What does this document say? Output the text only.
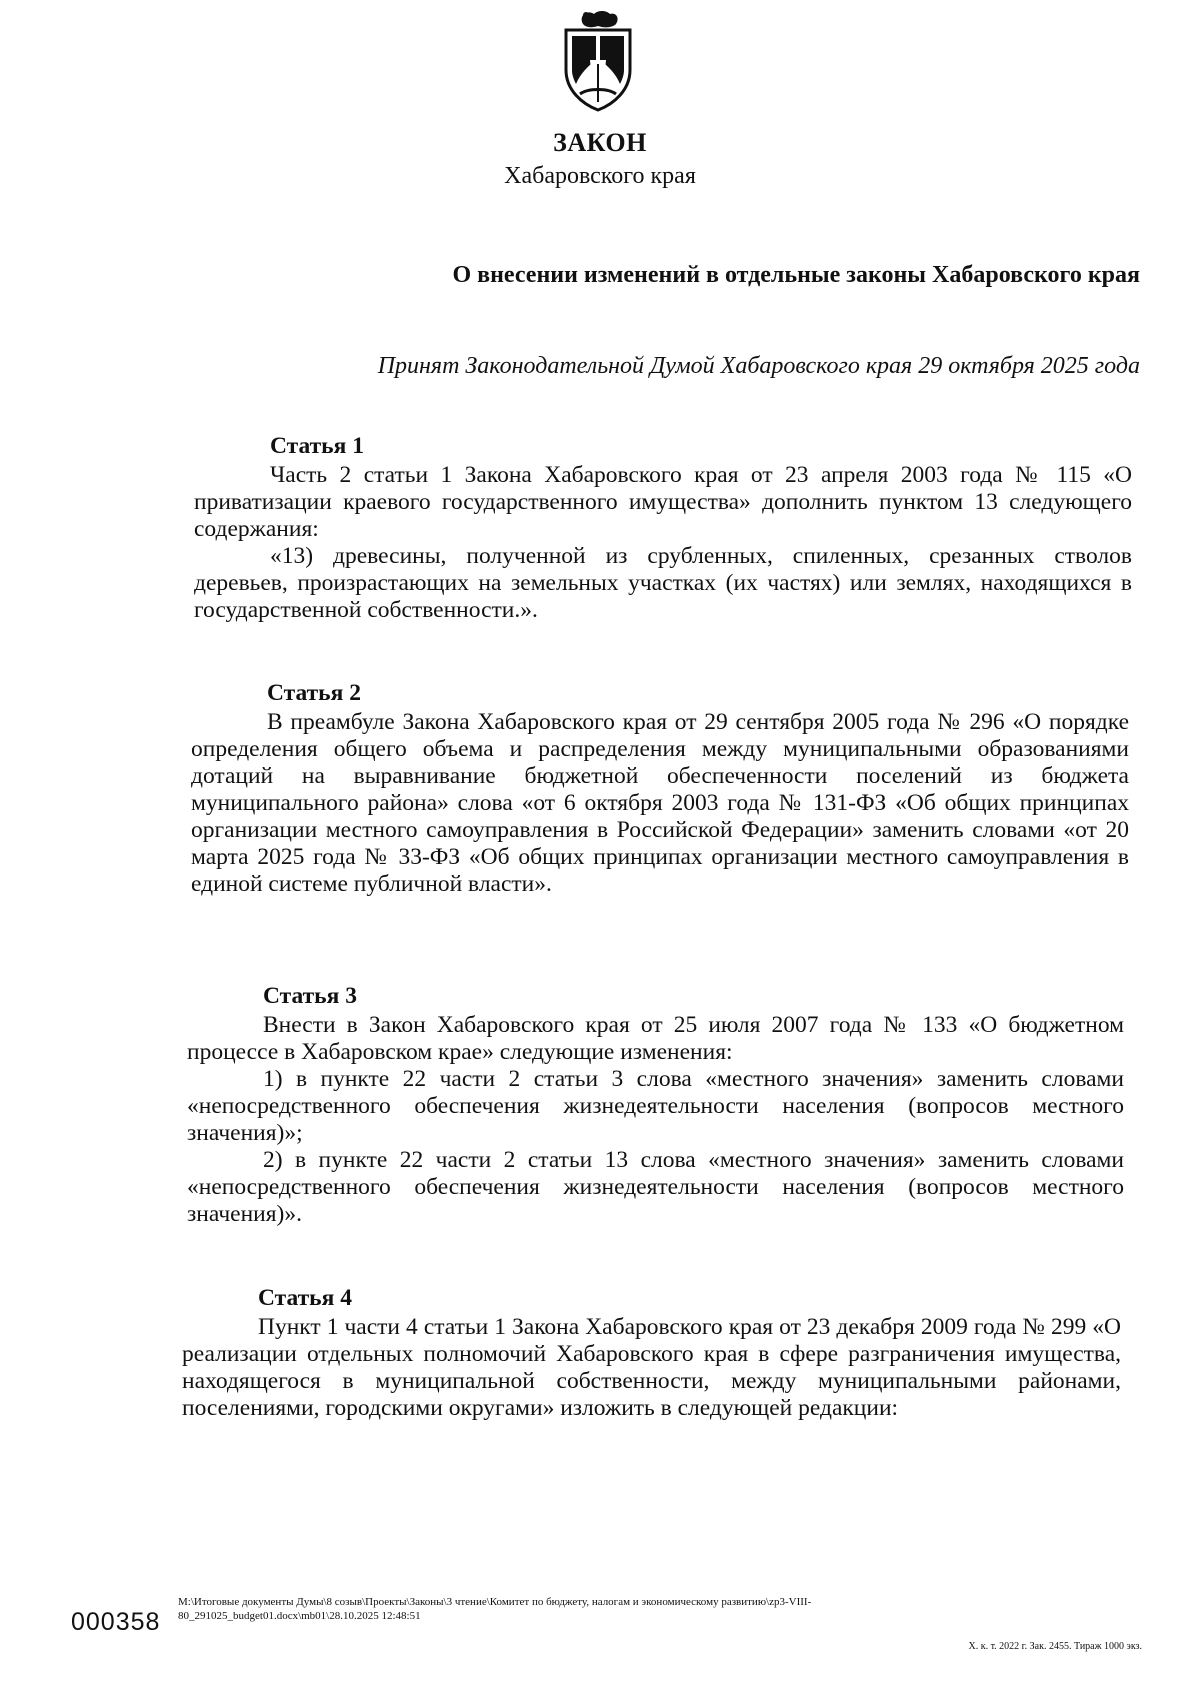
ЗАКОН
Хабаровского края
О внесении изменений в отдельные законы Хабаровского края
Принят Законодательной Думой Хабаровского края 29 октября 2025 года
Статья 1

Часть 2 статьи 1 Закона Хабаровского края от 23 апреля 2003 года № 115 «О приватизации краевого государственного имущества» дополнить пунктом 13 следующего содержания:

«13) древесины, полученной из срубленных, спиленных, срезанных стволов деревьев, произрастающих на земельных участках (их частях) или землях, находящихся в государственной собственности.».

Статья 2

В преамбуле Закона Хабаровского края от 29 сентября 2005 года № 296 «О порядке определения общего объема и распределения между муниципальными образованиями дотаций на выравнивание бюджетной обеспеченности поселений из бюджета муниципального района» слова «от 6 октября 2003 года № 131-ФЗ «Об общих принципах организации местного самоуправления в Российской Федерации» заменить словами «от 20 марта 2025 года № 33-ФЗ «Об общих принципах организации местного самоуправления в единой системе публичной власти».

Статья 3

Внести в Закон Хабаровского края от 25 июля 2007 года № 133 «О бюджетном процессе в Хабаровском крае» следующие изменения:

1) в пункте 22 части 2 статьи 3 слова «местного значения» заменить словами «непосредственного обеспечения жизнедеятельности населения (вопросов местного значения)»;

2) в пункте 22 части 2 статьи 13 слова «местного значения» заменить словами «непосредственного обеспечения жизнедеятельности населения (вопросов местного значения)».

Статья 4

Пункт 1 части 4 статьи 1 Закона Хабаровского края от 23 декабря 2009 года № 299 «О реализации отдельных полномочий Хабаровского края в сфере разграничения имущества, находящегося в муниципальной собственности, между муниципальными районами, поселениями, городскими округами» изложить в следующей редакции:

000358
M:\Итоговые документы Думы\8 созыв\Проекты\Законы\3 чтение\Комитет по бюджету, налогам и экономическому развитию\zp3-VIII-
80_291025_budget01.docx\mb01\28.10.2025 12:48:51
Х. к. т. 2022 г. Зак. 2455. Тираж 1000 экз.
